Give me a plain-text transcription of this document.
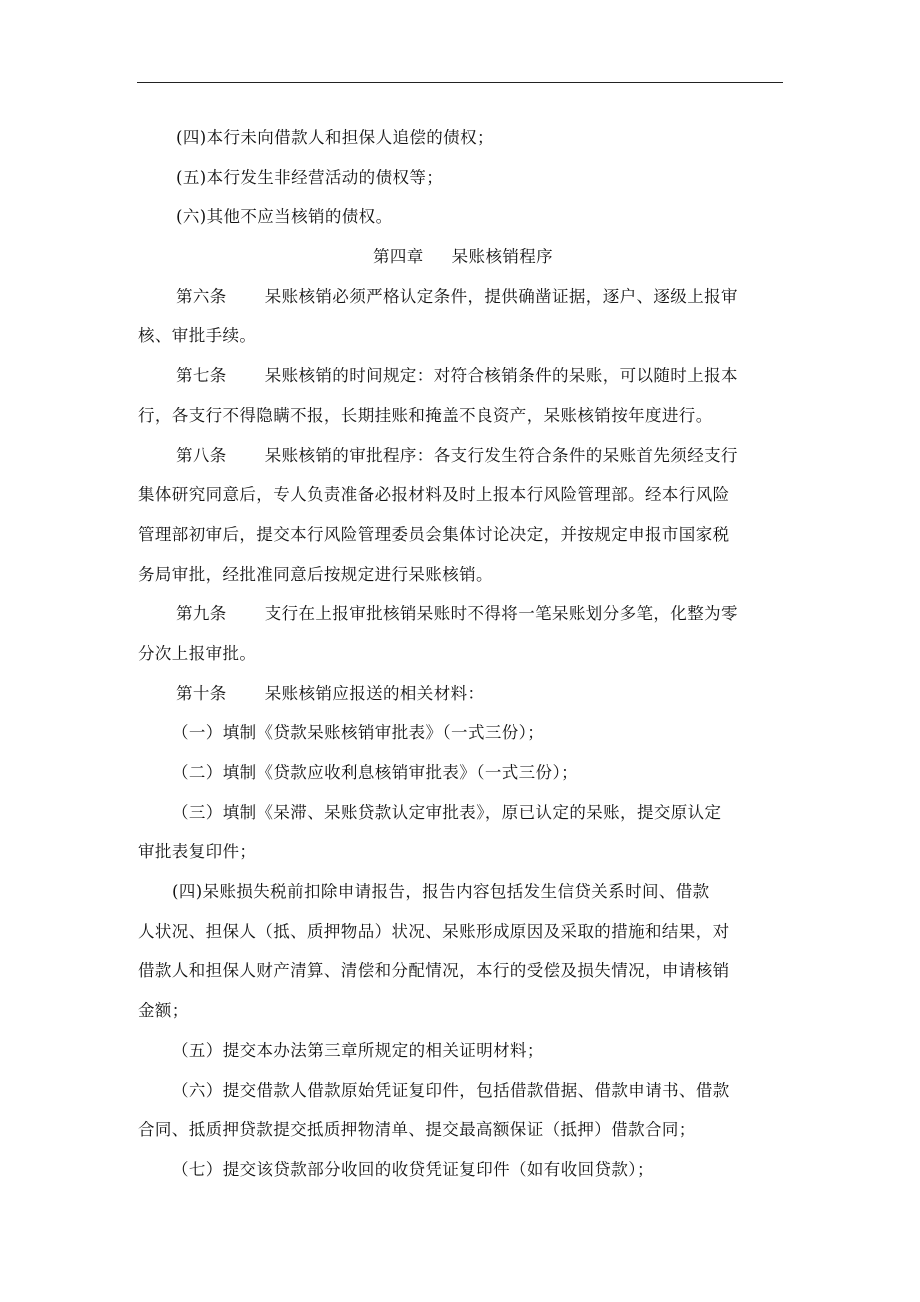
(四)本行未向借款人和担保人追偿的债权；
(五)本行发生非经营活动的债权等；
(六)其他不应当核销的债权。
第四章 呆账核销程序
第六条 呆账核销必须严格认定条件，提供确凿证据，逐户、逐级上报审
核、审批手续。
第七条 呆账核销的时间规定：对符合核销条件的呆账，可以随时上报本
行，各支行不得隐瞒不报，长期挂账和掩盖不良资产，呆账核销按年度进行。
第八条 呆账核销的审批程序：各支行发生符合条件的呆账首先须经支行
集体研究同意后，专人负责准备必报材料及时上报本行风险管理部。经本行风险
管理部初审后，提交本行风险管理委员会集体讨论决定，并按规定申报市国家税
务局审批，经批准同意后按规定进行呆账核销。
第九条 支行在上报审批核销呆账时不得将一笔呆账划分多笔，化整为零
分次上报审批。
第十条 呆账核销应报送的相关材料：
（一）填制《贷款呆账核销审批表》（一式三份）；
（二）填制《贷款应收利息核销审批表》（一式三份）；
（三）填制《呆滞、呆账贷款认定审批表》，原已认定的呆账，提交原认定
审批表复印件；
(四)呆账损失税前扣除申请报告，报告内容包括发生信贷关系时间、借款
人状况、担保人（抵、质押物品）状况、呆账形成原因及采取的措施和结果，对
借款人和担保人财产清算、清偿和分配情况，本行的受偿及损失情况，申请核销
金额；
（五）提交本办法第三章所规定的相关证明材料；
（六）提交借款人借款原始凭证复印件，包括借款借据、借款申请书、借款
合同、抵质押贷款提交抵质押物清单、提交最高额保证（抵押）借款合同；
（七）提交该贷款部分收回的收贷凭证复印件（如有收回贷款）；
